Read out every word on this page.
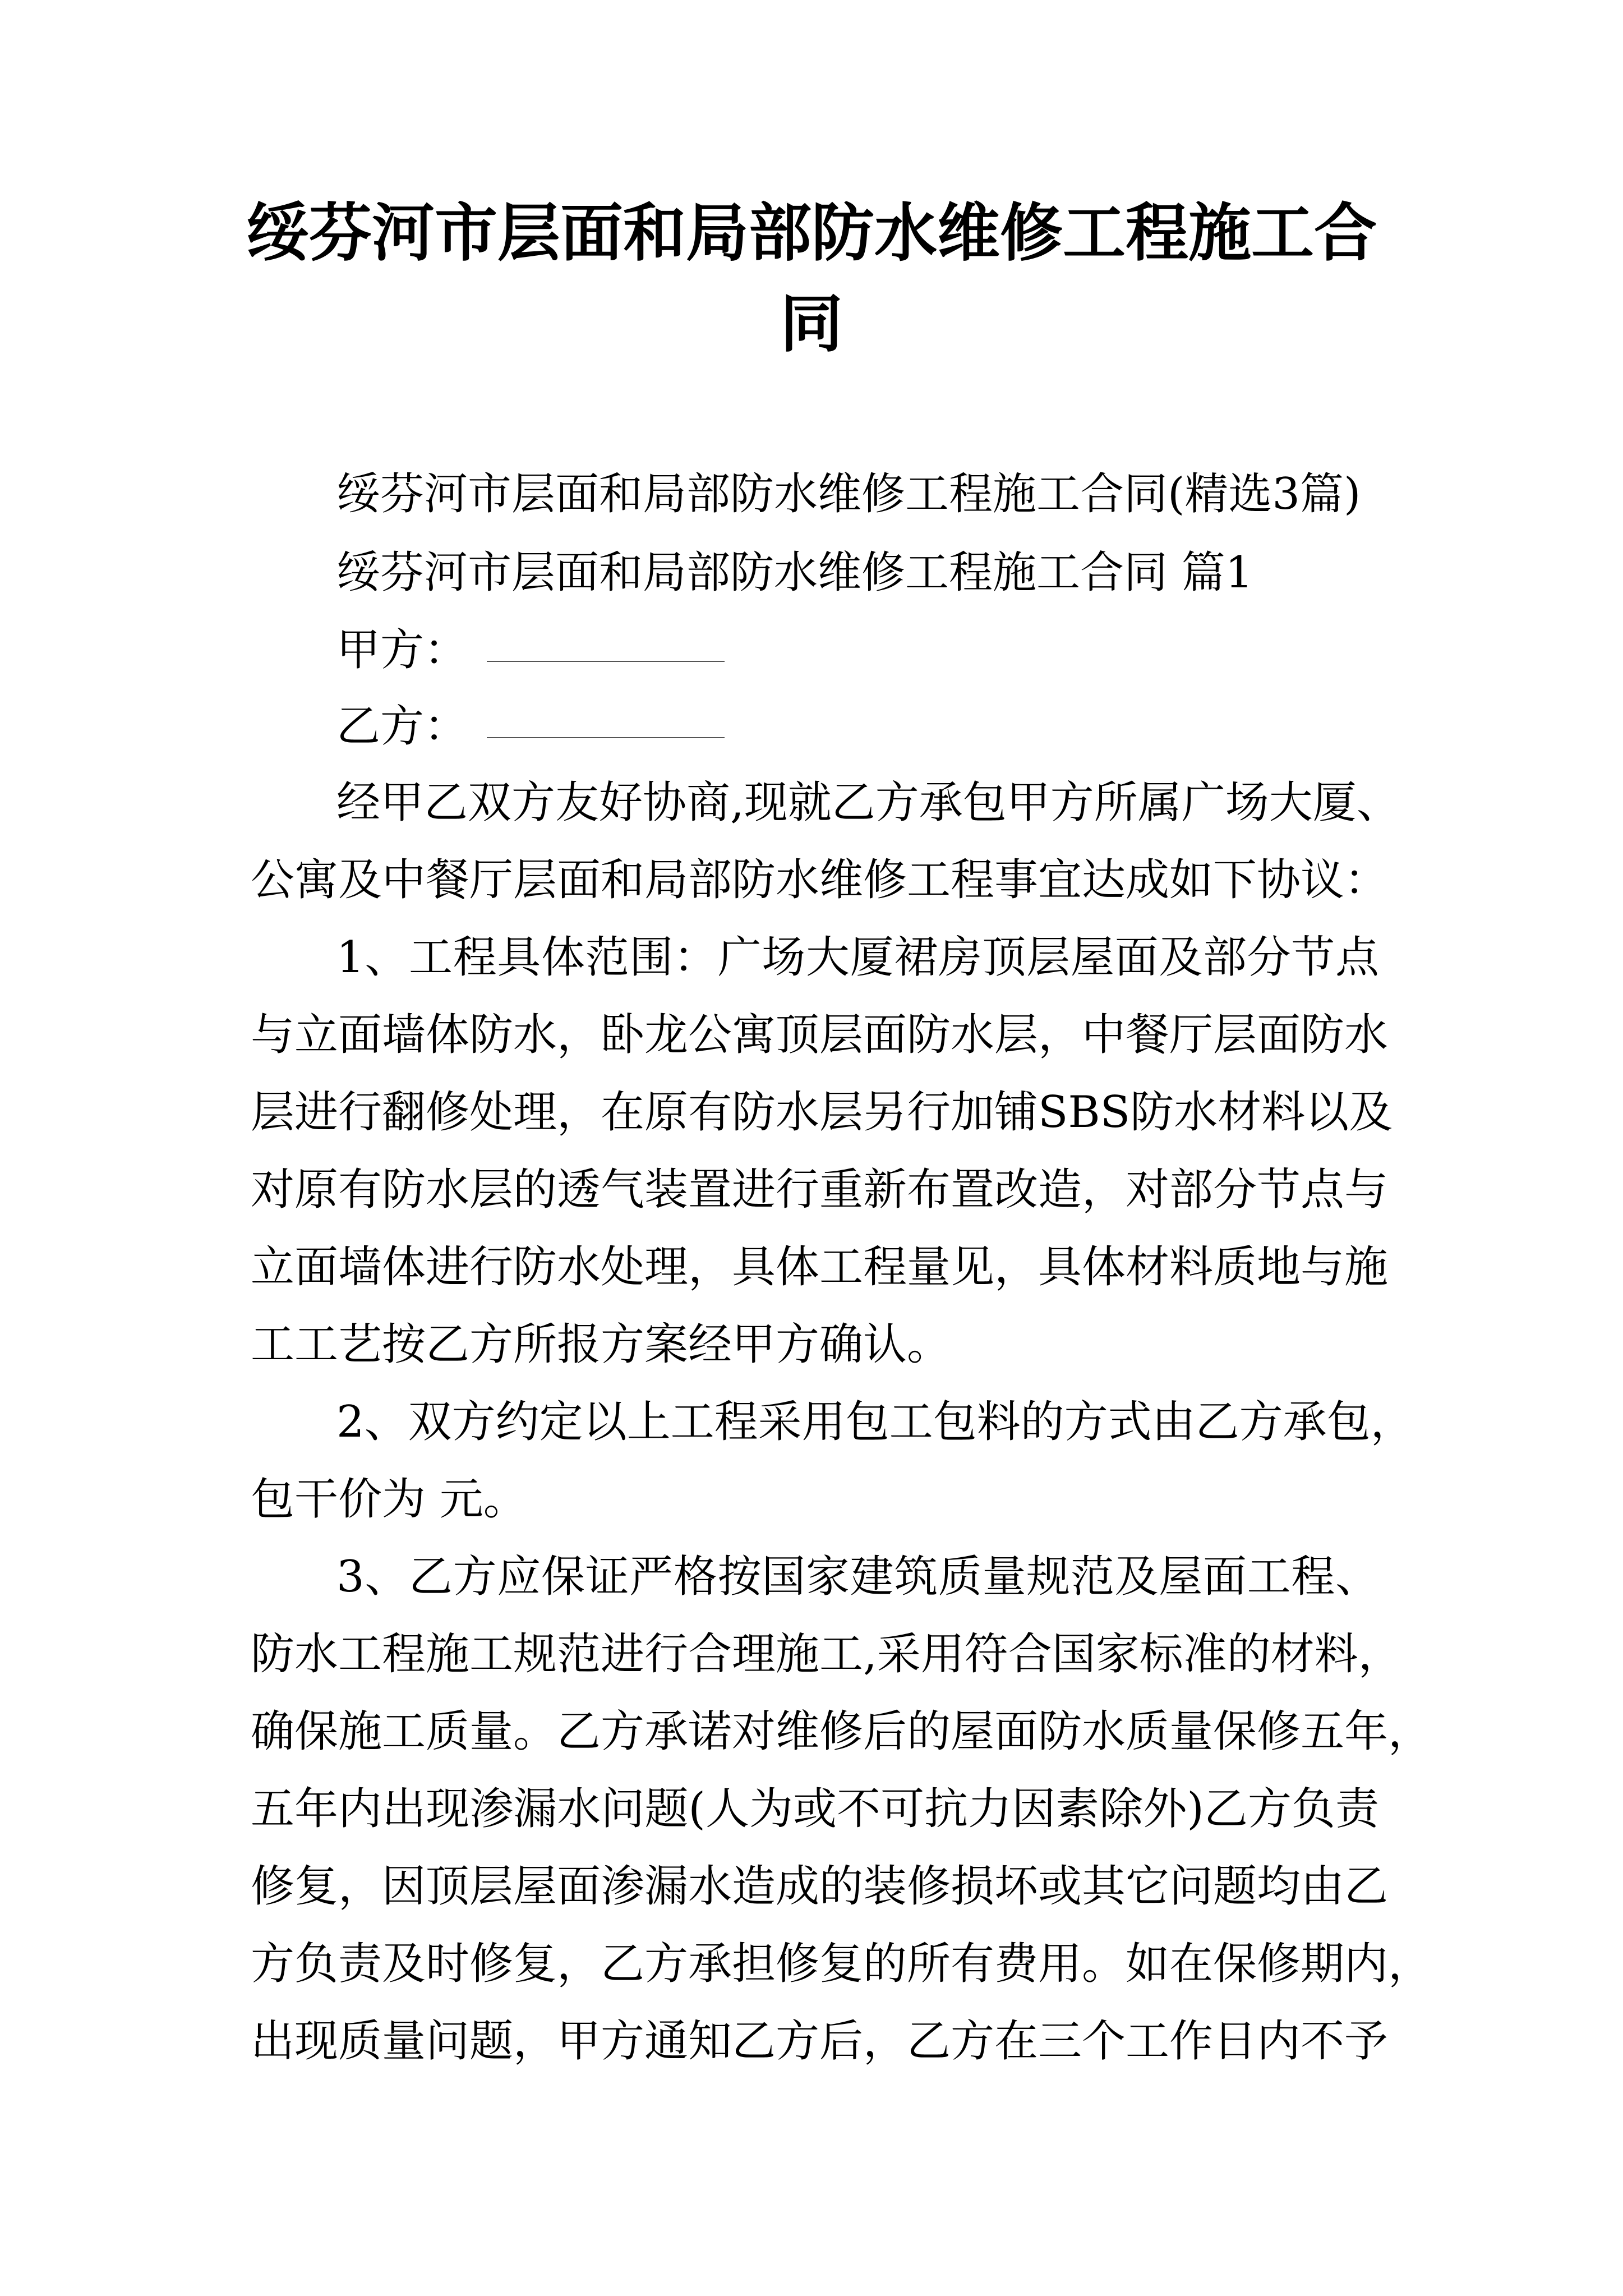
绥芬河市层面和局部防水维修工程施工合
同
绥芬河市层面和局部防水维修工程施工合同(精选3篇)
绥芬河市层面和局部防水维修工程施工合同 篇1
甲方：
乙方：
经甲乙双方友好协商,现就乙方承包甲方所属广场大厦、
公寓及中餐厅层面和局部防水维修工程事宜达成如下协议：
1、工程具体范围：广场大厦裙房顶层屋面及部分节点
与立面墙体防水，卧龙公寓顶层面防水层，中餐厅层面防水
层进行翻修处理，在原有防水层另行加铺SBS防水材料以及
对原有防水层的透气装置进行重新布置改造，对部分节点与
立面墙体进行防水处理，具体工程量见，具体材料质地与施
工工艺按乙方所报方案经甲方确认。
2、双方约定以上工程采用包工包料的方式由乙方承包，
包干价为 元。
3、乙方应保证严格按国家建筑质量规范及屋面工程、
防水工程施工规范进行合理施工,采用符合国家标准的材料，
确保施工质量。乙方承诺对维修后的屋面防水质量保修五年，
五年内出现渗漏水问题(人为或不可抗力因素除外)乙方负责
修复，因顶层屋面渗漏水造成的装修损坏或其它问题均由乙
方负责及时修复，乙方承担修复的所有费用。如在保修期内，
出现质量问题，甲方通知乙方后，乙方在三个工作日内不予
